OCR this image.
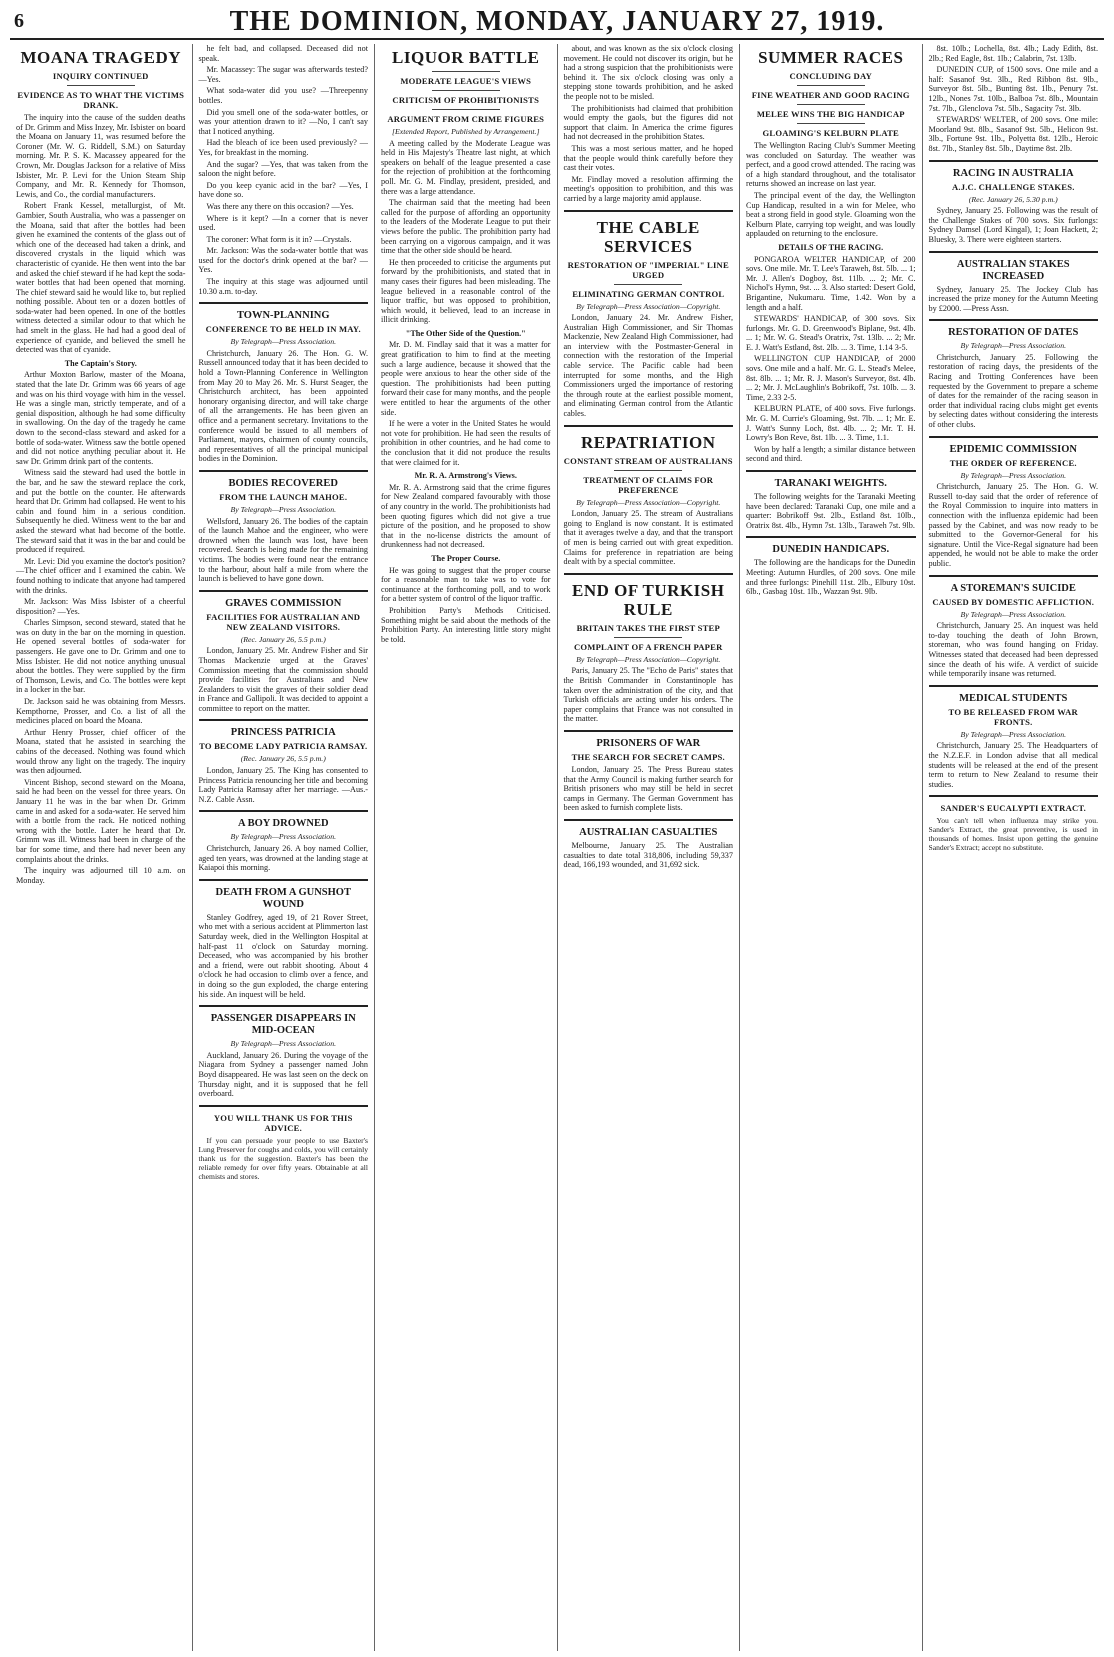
6	THE DOMINION, MONDAY, JANUARY 27, 1919.
MOANA TRAGEDY
INQUIRY CONTINUED
EVIDENCE AS TO WHAT THE VICTIMS DRANK.

The inquiry into the cause of the sudden deaths of Dr. Grimm and Miss Inzey, Mr. Isbister on board the Moana on January 11, was resumed before the Coroner (Mr. W. G. Riddell, S.M.) on Saturday morning. Mr. P. S. K. Macassey appeared for the Crown, Mr. Douglas Jackson for a relative of Miss Isbister, Mr. P. Levi for the Union Steam Ship Company, and Mr. R. Kennedy for Thomson, Lewis, and Co., the cordial manufacturers.

Robert Frank Kessel, metallurgist, of Mt. Gambier, South Australia, who was a passenger on the Moana, said that after the bottles had been given he examined the contents of the glass out of which one of the deceased had taken a drink, and discovered crystals in the liquid which was characteristic of cyanide. He then went into the bar and asked the chief steward if he had kept the soda-water bottles that had been opened that morning. The chief steward said he would like to, but replied nothing possible. About ten or a dozen bottles of soda-water had been opened. In one of the bottles witness detected a similar odour to that which he had smelt in the glass. He had had a good deal of experience of cyanide, and believed the smell he detected was that of cyanide.

The Captain's Story.

Arthur Moxton Barlow, master of the Moana, stated that the late Dr. Grimm was 66 years of age and was on his third voyage with him in the vessel. He was a single man, strictly temperate, and of a genial disposition, although he had some difficulty in swallowing. On the day of the tragedy he came down to the second-class steward and asked for a bottle of soda-water. Witness saw the bottle opened and did not notice anything peculiar about it. He saw Dr. Grimm drink part of the contents.

Witness said the steward had used the bottle in the bar, and he saw the steward replace the cork, and put the bottle on the counter. He afterwards heard that Dr. Grimm had collapsed. He went to his cabin and found him in a serious condition. Subsequently he died. Witness went to the bar and asked the steward what had become of the bottle. The steward said that it was in the bar and could be produced if required.

Mr. Levi: Did you examine the doctor's position? —The chief officer and I examined the cabin. We found nothing to indicate that anyone had tampered with the drinks.

Mr. Jackson: Was Miss Isbister of a cheerful disposition? —Yes.

Charles Simpson, second steward, stated that he was on duty in the bar on the morning in question. He opened several bottles of soda-water for passengers. He gave one to Dr. Grimm and one to Miss Isbister. He did not notice anything unusual about the bottles. They were supplied by the firm of Thomson, Lewis, and Co. The bottles were kept in a locker in the bar.

Dr. Jackson said he was obtaining from Messrs. Kempthorne, Prosser, and Co. a list of all the medicines placed on board the Moana.

Arthur Henry Prosser, chief officer of the Moana, stated that he assisted in searching the cabins of the deceased. Nothing was found which would throw any light on the tragedy. The inquiry was then adjourned.

Vincent Bishop, second steward on the Moana, said he had been on the vessel for three years. On January 11 he was in the bar when Dr. Grimm came in and asked for a soda-water. He served him with a bottle from the rack. He noticed nothing wrong with the bottle. Later he heard that Dr. Grimm was ill. Witness had been in charge of the bar for some time, and there had never been any complaints about the drinks.

The inquiry was adjourned till 10 a.m. on Monday.

he felt bad, and collapsed. Deceased did not speak.

Mr. Macassey: The sugar was afterwards tested? —Yes.

What soda-water did you use? —Threepenny bottles.

Did you smell one of the soda-water bottles, or was your attention drawn to it? —No, I can't say that I noticed anything.

Had the bleach of ice been used previously? —Yes, for breakfast in the morning.

And the sugar? —Yes, that was taken from the saloon the night before.

Do you keep cyanic acid in the bar? —Yes, I have done so.

Was there any there on this occasion? —Yes.

Where is it kept? —In a corner that is never used.

The coroner: What form is it in? —Crystals.

Mr. Jackson: Was the soda-water bottle that was used for the doctor's drink opened at the bar? —Yes.

The inquiry at this stage was adjourned until 10.30 a.m. to-day.

TOWN-PLANNING
CONFERENCE TO BE HELD IN MAY.

By Telegraph—Press Association.

Christchurch, January 26. The Hon. G. W. Russell announced today that it has been decided to hold a Town-Planning Conference in Wellington from May 20 to May 26. Mr. S. Hurst Seager, the Christchurch architect, has been appointed honorary organising director, and will take charge of all the arrangements. He has been given an office and a permanent secretary. Invitations to the conference would be issued to all members of Parliament, mayors, chairmen of county councils, and representatives of all the principal municipal bodies in the Dominion.

BODIES RECOVERED
FROM THE LAUNCH MAHOE.

By Telegraph—Press Association.

Wellsford, January 26. The bodies of the captain of the launch Mahoe and the engineer, who were drowned when the launch was lost, have been recovered. Search is being made for the remaining victims. The bodies were found near the entrance to the harbour, about half a mile from where the launch is believed to have gone down.

GRAVES COMMISSION
FACILITIES FOR AUSTRALIAN AND NEW ZEALAND VISITORS.

(Rec. January 26, 5.5 p.m.)

London, January 25. Mr. Andrew Fisher and Sir Thomas Mackenzie urged at the Graves' Commission meeting that the commission should provide facilities for Australians and New Zealanders to visit the graves of their soldier dead in France and Gallipoli. It was decided to appoint a committee to report on the matter.

PRINCESS PATRICIA
TO BECOME LADY PATRICIA RAMSAY.

(Rec. January 26, 5.5 p.m.)

London, January 25. The King has consented to Princess Patricia renouncing her title and becoming Lady Patricia Ramsay after her marriage. —Aus.-N.Z. Cable Assn.

A BOY DROWNED

By Telegraph—Press Association.

Christchurch, January 26. A boy named Collier, aged ten years, was drowned at the landing stage at Kaiapoi this morning.

DEATH FROM A GUNSHOT WOUND

Stanley Godfrey, aged 19, of 21 Rover Street, who met with a serious accident at Plimmerton last Saturday week, died in the Wellington Hospital at half-past 11 o'clock on Saturday morning. Deceased, who was accompanied by his brother and a friend, were out rabbit shooting. About 4 o'clock he had occasion to climb over a fence, and in doing so the gun exploded, the charge entering his side. An inquest will be held.

PASSENGER DISAPPEARS IN MID-OCEAN

By Telegraph—Press Association.

Auckland, January 26. During the voyage of the Niagara from Sydney a passenger named John Boyd disappeared. He was last seen on the deck on Thursday night, and it is supposed that he fell overboard.

YOU WILL THANK US FOR THIS ADVICE.

If you can persuade your people to use Baxter's Lung Preserver for coughs and colds, you will certainly thank us for the suggestion. Baxter's has been the reliable remedy for over fifty years. Obtainable at all chemists and stores.

LIQUOR BATTLE
MODERATE LEAGUE'S VIEWS
CRITICISM OF PROHIBITIONISTS
ARGUMENT FROM CRIME FIGURES

[Extended Report, Published by Arrangement.]

A meeting called by the Moderate League was held in His Majesty's Theatre last night, at which speakers on behalf of the league presented a case for the rejection of prohibition at the forthcoming poll. Mr. G. M. Findlay, president, presided, and there was a large attendance.

The chairman said that the meeting had been called for the purpose of affording an opportunity to the leaders of the Moderate League to put their views before the public. The prohibition party had been carrying on a vigorous campaign, and it was time that the other side should be heard.

He then proceeded to criticise the arguments put forward by the prohibitionists, and stated that in many cases their figures had been misleading. The league believed in a reasonable control of the liquor traffic, but was opposed to prohibition, which would, it believed, lead to an increase in illicit drinking.

"The Other Side of the Question."

Mr. D. M. Findlay said that it was a matter for great gratification to him to find at the meeting such a large audience, because it showed that the people were anxious to hear the other side of the question. The prohibitionists had been putting forward their case for many months, and the people were entitled to hear the arguments of the other side.

If he were a voter in the United States he would not vote for prohibition. He had seen the results of prohibition in other countries, and he had come to the conclusion that it did not produce the results that were claimed for it.

Mr. R. A. Armstrong's Views.

Mr. R. A. Armstrong said that the crime figures for New Zealand compared favourably with those of any country in the world. The prohibitionists had been quoting figures which did not give a true picture of the position, and he proposed to show that in the no-license districts the amount of drunkenness had not decreased.

The Proper Course.

He was going to suggest that the proper course for a reasonable man to take was to vote for continuance at the forthcoming poll, and to work for a better system of control of the liquor traffic.

Prohibition Party's Methods Criticised. Something might be said about the methods of the Prohibition Party. An interesting little story might be told.

about, and was known as the six o'clock closing movement. He could not discover its origin, but he had a strong suspicion that the prohibitionists were behind it. The six o'clock closing was only a stepping stone towards prohibition, and he asked the people not to be misled.

The prohibitionists had claimed that prohibition would empty the gaols, but the figures did not support that claim. In America the crime figures had not decreased in the prohibition States.

This was a most serious matter, and he hoped that the people would think carefully before they cast their votes.

Mr. Findlay moved a resolution affirming the meeting's opposition to prohibition, and this was carried by a large majority amid applause.

THE CABLE SERVICES
RESTORATION OF "IMPERIAL" LINE URGED
ELIMINATING GERMAN CONTROL

By Telegraph—Press Association—Copyright.

London, January 24. Mr. Andrew Fisher, Australian High Commissioner, and Sir Thomas Mackenzie, New Zealand High Commissioner, had an interview with the Postmaster-General in connection with the restoration of the Imperial cable service. The Pacific cable had been interrupted for some months, and the High Commissioners urged the importance of restoring the through route at the earliest possible moment, and eliminating German control from the Atlantic cables.

REPATRIATION
CONSTANT STREAM OF AUSTRALIANS
TREATMENT OF CLAIMS FOR PREFERENCE

By Telegraph—Press Association—Copyright.

London, January 25. The stream of Australians going to England is now constant. It is estimated that it averages twelve a day, and that the transport of men is being carried out with great expedition. Claims for preference in repatriation are being dealt with by a special committee.

END OF TURKISH RULE
BRITAIN TAKES THE FIRST STEP
COMPLAINT OF A FRENCH PAPER

By Telegraph—Press Association—Copyright.

Paris, January 25. The "Echo de Paris" states that the British Commander in Constantinople has taken over the administration of the city, and that Turkish officials are acting under his orders. The paper complains that France was not consulted in the matter.

PRISONERS OF WAR
THE SEARCH FOR SECRET CAMPS.

London, January 25. The Press Bureau states that the Army Council is making further search for British prisoners who may still be held in secret camps in Germany. The German Government has been asked to furnish complete lists.

AUSTRALIAN CASUALTIES

Melbourne, January 25. The Australian casualties to date total 318,806, including 59,337 dead, 166,193 wounded, and 31,692 sick.

SUMMER RACES
CONCLUDING DAY
FINE WEATHER AND GOOD RACING
MELEE WINS THE BIG HANDICAP
GLOAMING'S KELBURN PLATE

The Wellington Racing Club's Summer Meeting was concluded on Saturday. The weather was perfect, and a good crowd attended. The racing was of a high standard throughout, and the totalisator returns showed an increase on last year.

The principal event of the day, the Wellington Cup Handicap, resulted in a win for Melee, who beat a strong field in good style. Gloaming won the Kelburn Plate, carrying top weight, and was loudly applauded on returning to the enclosure.

DETAILS OF THE RACING.

PONGAROA WELTER HANDICAP, of 200 sovs. One mile. Mr. T. Lee's Taraweh, 8st. 5lb. ... 1; Mr. J. Allen's Dogboy, 8st. 11lb. ... 2; Mr. C. Nichol's Hymn, 9st. ... 3. Also started: Desert Gold, Brigantine, Nukumaru. Time, 1.42. Won by a length and a half.

STEWARDS' HANDICAP, of 300 sovs. Six furlongs. Mr. G. D. Greenwood's Biplane, 9st. 4lb. ... 1; Mr. W. G. Stead's Oratrix, 7st. 13lb. ... 2; Mr. E. J. Watt's Estland, 8st. 2lb. ... 3. Time, 1.14 3-5.

WELLINGTON CUP HANDICAP, of 2000 sovs. One mile and a half. Mr. G. L. Stead's Melee, 8st. 8lb. ... 1; Mr. R. J. Mason's Surveyor, 8st. 4lb. ... 2; Mr. J. McLaughlin's Bobrikoff, 7st. 10lb. ... 3. Time, 2.33 2-5.

KELBURN PLATE, of 400 sovs. Five furlongs. Mr. G. M. Currie's Gloaming, 9st. 7lb. ... 1; Mr. E. J. Watt's Sunny Loch, 8st. 4lb. ... 2; Mr. T. H. Lowry's Bon Reve, 8st. 1lb. ... 3. Time, 1.1.

Won by half a length; a similar distance between second and third.

TARANAKI WEIGHTS.

The following weights for the Taranaki Meeting have been declared: Taranaki Cup, one mile and a quarter: Bobrikoff 9st. 2lb., Estland 8st. 10lb., Oratrix 8st. 4lb., Hymn 7st. 13lb., Taraweh 7st. 9lb.

DUNEDIN HANDICAPS.

The following are the handicaps for the Dunedin Meeting: Autumn Hurdles, of 200 sovs. One mile and three furlongs: Pinehill 11st. 2lb., Elbury 10st. 6lb., Gasbag 10st. 1lb., Wazzan 9st. 9lb.

8st. 10lb.; Lochella, 8st. 4lb.; Lady Edith, 8st. 2lb.; Red Eagle, 8st. 1lb.; Calabrin, 7st. 13lb.

DUNEDIN CUP, of 1500 sovs. One mile and a half: Sasanof 9st. 3lb., Red Ribbon 8st. 9lb., Surveyor 8st. 5lb., Bunting 8st. 1lb., Penury 7st. 12lb., Nones 7st. 10lb., Balboa 7st. 8lb., Mountain 7st. 7lb., Glenclova 7st. 5lb., Sagacity 7st. 3lb.

STEWARDS' WELTER, of 200 sovs. One mile: Moorland 9st. 8lb., Sasanof 9st. 5lb., Helicon 9st. 3lb., Fortune 9st. 1lb., Polyetta 8st. 12lb., Heroic 8st. 7lb., Stanley 8st. 5lb., Daytime 8st. 2lb.

RACING IN AUSTRALIA
A.J.C. CHALLENGE STAKES.

(Rec. January 26, 5.30 p.m.)

Sydney, January 25. Following was the result of the Challenge Stakes of 700 sovs. Six furlongs: Sydney Damsel (Lord Kingal), 1; Joan Hackett, 2; Bluesky, 3. There were eighteen starters.

AUSTRALIAN STAKES INCREASED

Sydney, January 25. The Jockey Club has increased the prize money for the Autumn Meeting by £2000. —Press Assn.

RESTORATION OF DATES

By Telegraph—Press Association.

Christchurch, January 25. Following the restoration of racing days, the presidents of the Racing and Trotting Conferences have been requested by the Government to prepare a scheme of dates for the remainder of the racing season in order that individual racing clubs might get events by selecting dates without considering the interests of other clubs.

EPIDEMIC COMMISSION
THE ORDER OF REFERENCE.

By Telegraph—Press Association.

Christchurch, January 25. The Hon. G. W. Russell to-day said that the order of reference of the Royal Commission to inquire into matters in connection with the influenza epidemic had been passed by the Cabinet, and was now ready to be submitted to the Governor-General for his signature. Until the Vice-Regal signature had been appended, he would not be able to make the order public.

A STOREMAN'S SUICIDE
CAUSED BY DOMESTIC AFFLICTION.

By Telegraph—Press Association.

Christchurch, January 25. An inquest was held to-day touching the death of John Brown, storeman, who was found hanging on Friday. Witnesses stated that deceased had been depressed since the death of his wife. A verdict of suicide while temporarily insane was returned.

MEDICAL STUDENTS
TO BE RELEASED FROM WAR FRONTS.

By Telegraph—Press Association.

Christchurch, January 25. The Headquarters of the N.Z.E.F. in London advise that all medical students will be released at the end of the present term to return to New Zealand to resume their studies.

SANDER'S EUCALYPTI EXTRACT.

You can't tell when influenza may strike you. Sander's Extract, the great preventive, is used in thousands of homes. Insist upon getting the genuine Sander's Extract; accept no substitute.
